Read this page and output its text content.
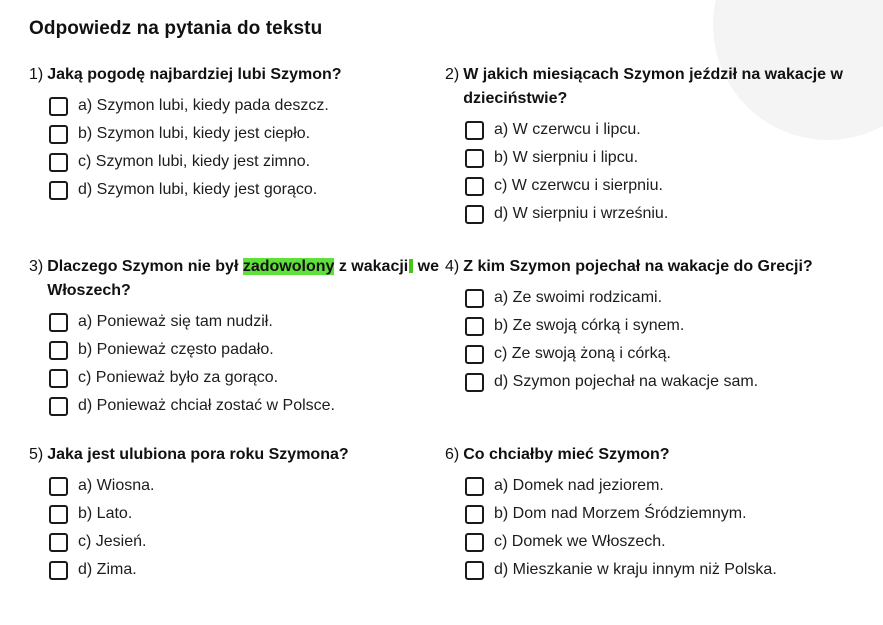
Odpowiedz na pytania do tekstu
1) Jaką pogodę najbardziej lubi Szymon?
a) Szymon lubi, kiedy pada deszcz.
b) Szymon lubi, kiedy jest ciepło.
c) Szymon lubi, kiedy jest zimno.
d) Szymon lubi, kiedy jest gorąco.
2) W jakich miesiącach Szymon jeździł na wakacje w dzieciństwie?
a) W czerwcu i lipcu.
b) W sierpniu i lipcu.
c) W czerwcu i sierpniu.
d) W sierpniu i wrześniu.
3) Dlaczego Szymon nie był zadowolony z wakacji we Włoszech?
a) Ponieważ się tam nudził.
b) Ponieważ często padało.
c) Ponieważ było za gorąco.
d) Ponieważ chciał zostać w Polsce.
4) Z kim Szymon pojechał na wakacje do Grecji?
a) Ze swoimi rodzicami.
b) Ze swoją córką i synem.
c) Ze swoją żoną i córką.
d) Szymon pojechał na wakacje sam.
5) Jaka jest ulubiona pora roku Szymona?
a) Wiosna.
b) Lato.
c) Jesień.
d) Zima.
6) Co chciałby mieć Szymon?
a) Domek nad jeziorem.
b) Dom nad Morzem Śródziemnym.
c) Domek we Włoszech.
d) Mieszkanie w kraju innym niż Polska.
